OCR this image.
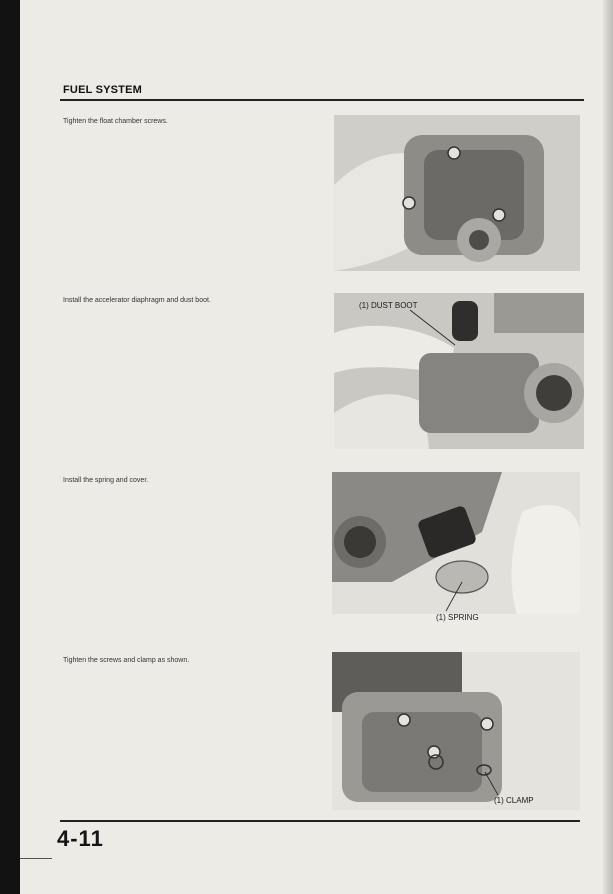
FUEL SYSTEM

Tighten the float chamber screws.

Install the accelerator diaphragm and dust boot.

(1) DUST BOOT

Install the spring and cover.

(1) SPRING

Tighten the screws and clamp as shown.

(1) CLAMP

4-11
